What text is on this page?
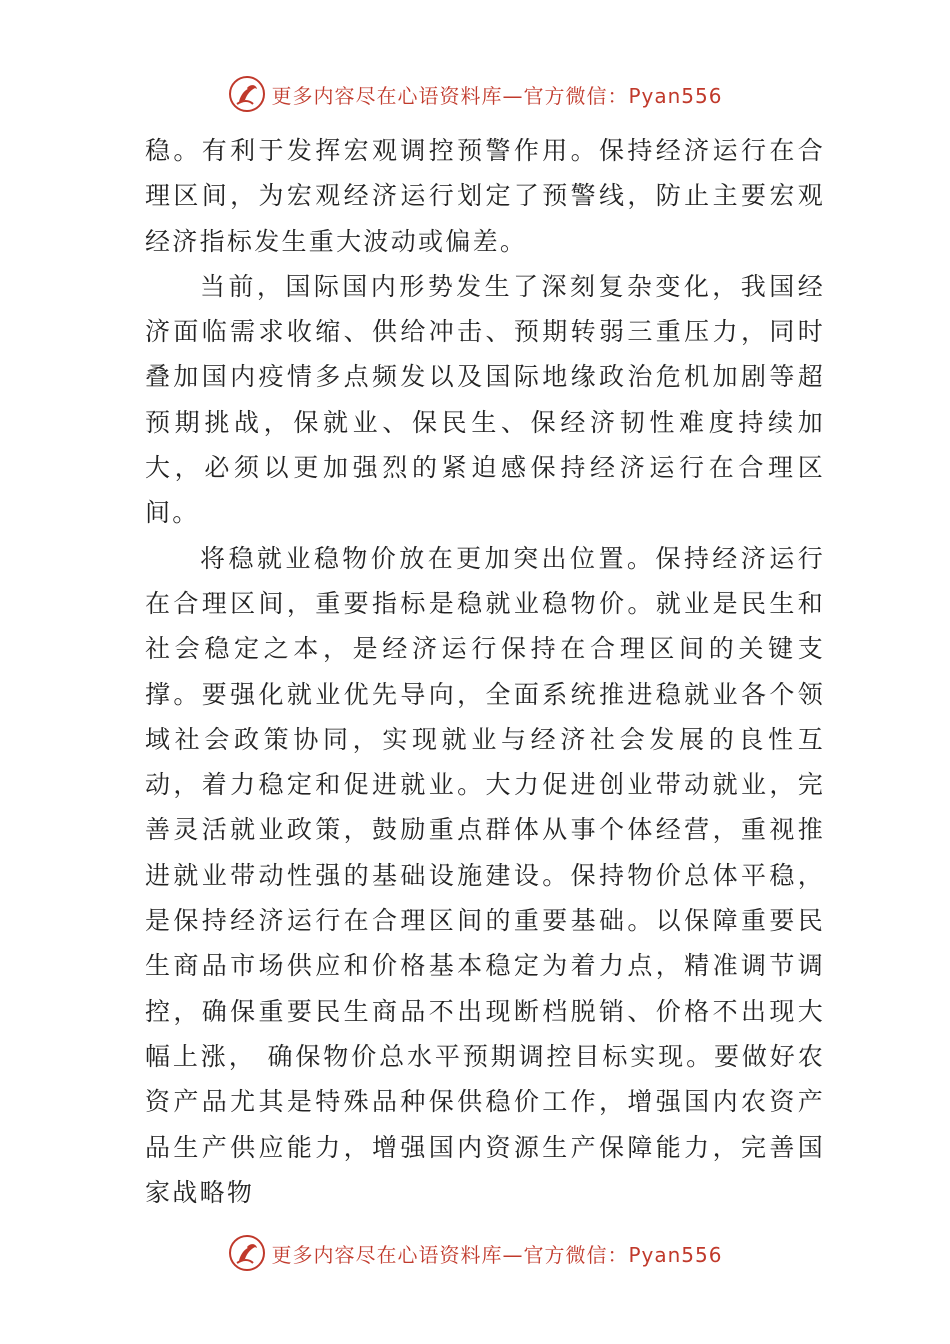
更多内容尽在心语资料库—官方微信：Pyan556

稳。有利于发挥宏观调控预警作用。保持经济运行在合理区间，为宏观经济运行划定了预警线，防止主要宏观经济指标发生重大波动或偏差。

当前，国际国内形势发生了深刻复杂变化，我国经济面临需求收缩、供给冲击、预期转弱三重压力，同时叠加国内疫情多点频发以及国际地缘政治危机加剧等超预期挑战，保就业、保民生、保经济韧性难度持续加大，必须以更加强烈的紧迫感保持经济运行在合理区间。

将稳就业稳物价放在更加突出位置。保持经济运行在合理区间，重要指标是稳就业稳物价。就业是民生和社会稳定之本，是经济运行保持在合理区间的关键支撑。要强化就业优先导向，全面系统推进稳就业各个领域社会政策协同，实现就业与经济社会发展的良性互动，着力稳定和促进就业。大力促进创业带动就业，完善灵活就业政策，鼓励重点群体从事个体经营，重视推进就业带动性强的基础设施建设。保持物价总体平稳，是保持经济运行在合理区间的重要基础。以保障重要民生商品市场供应和价格基本稳定为着力点，精准调节调控，确保重要民生商品不出现断档脱销、价格不出现大幅上涨， 确保物价总水平预期调控目标实现。要做好农资产品尤其是特殊品种保供稳价工作，增强国内农资产品生产供应能力，增强国内资源生产保障能力，完善国家战略物

更多内容尽在心语资料库—官方微信：Pyan556
